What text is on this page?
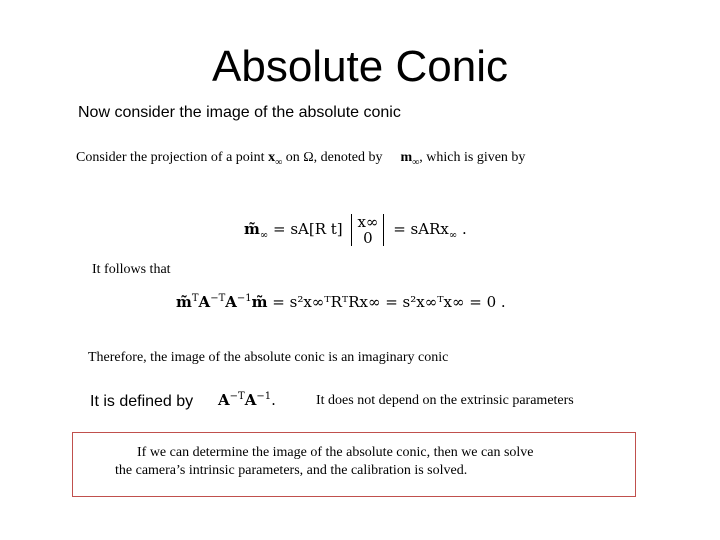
Absolute Conic
Now consider the image of the absolute conic
Consider the projection of a point $x_\infty$ on Ω, denoted by $m_\infty$, which is given by
$m̃_\infty = sA[R$ t] x∞
0	= sARx$_\infty$ .
It follows that
$m̃^TA^{-T}A^{-1}m̃$ = s²x∞ᵀRᵀRx∞ = s²x∞ᵀx∞ = 0 .
Therefore, the image of the absolute conic is an imaginary conic
It is defined by $A^{-T}A^{-1}$.	It does not depend on the extrinsic parameters
If we can determine the image of the absolute conic, then we can solve
the camera’s intrinsic parameters, and the calibration is solved.
